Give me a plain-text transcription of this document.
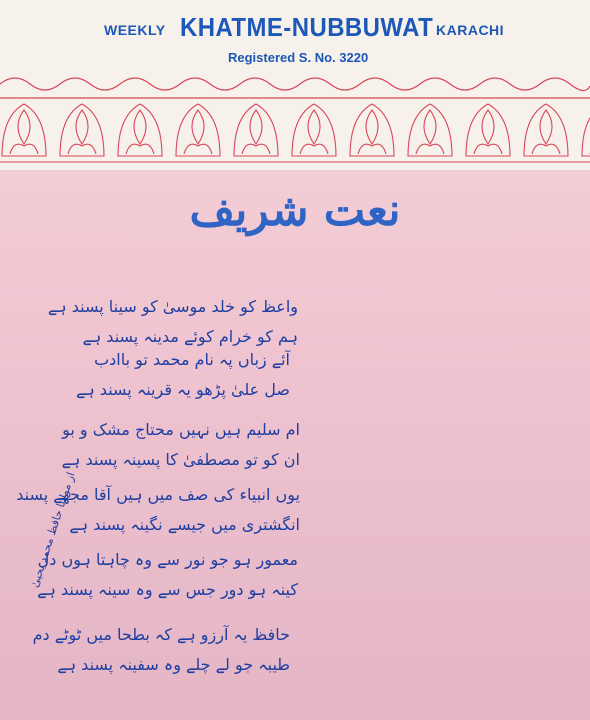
WEEKLY KHATME-NUBBUWAT KARACHI
Registered S. No. 3220
نعت شریف
واعظ کو خلد موسیٰ کو سینا پسند ہے
ہم کو خرام کوئے مدینہ پسند ہے
آئے زباں پہ نام محمد تو باادب
صل علیٰ پڑھو یہ قرینہ پسند ہے
ام سلیم ہیں نہیں محتاج مشک و بو
ان کو تو مصطفیٰ کا پسینہ پسند ہے
یوں انبیاء کی صف میں ہیں آقا مجھے پسند
انگشتری میں جیسے نگینہ پسند ہے
معمور ہو جو نور سے وہ چاہتا ہوں دل
کینہ ہو دور جس سے وہ سینہ پسند ہے
حافظ یہ آرزو ہے کہ بطحا میں ٹوٹے دم
طیبہ جو لے چلے وہ سفینہ پسند ہے
از مولانا حافظ محمد یحییٰ
